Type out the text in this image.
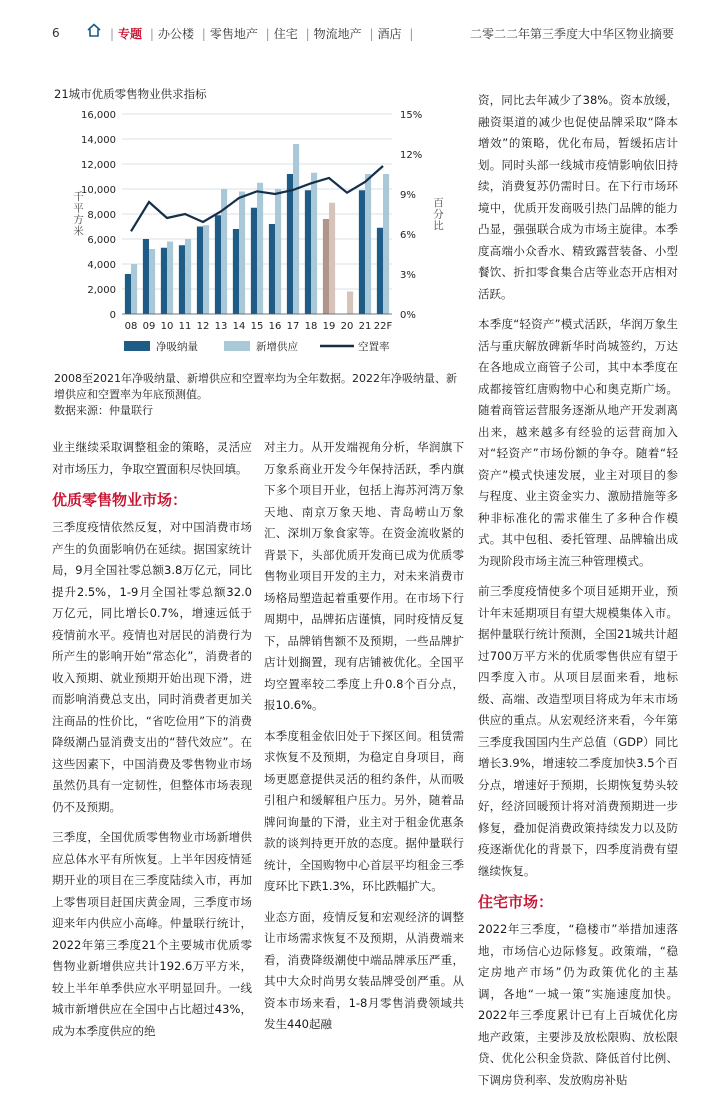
6	| 专题 | 办公楼 | 零售地产 | 住宅 | 物流地产 | 酒店 |	二零二二年第三季度大中华区物业摘要
21城市优质零售物业供求指标
0
2,000
4,000
6,000
8,000
10,000
12,000
14,000
16,000
0%
3%
6%
9%
12%
15%
千平方米	百分比
08 09 10 11 12 13 14 15 16 17 18 19 20 21 22F
净吸纳量	新增供应	空置率

2008至2021年净吸纳量、新增供应和空置率均为全年数据。2022年净吸纳量、新增供应和空置率为年底预测值。

数据来源：仲量联行

业主继续采取调整租金的策略，灵活应对市场压力，争取空置面积尽快回填。

优质零售物业市场：

三季度疫情依然反复，对中国消费市场产生的负面影响仍在延续。据国家统计局，9月全国社零总额3.8万亿元，同比提升2.5%，1-9月全国社零总额32.0万亿元，同比增长0.7%，增速远低于疫情前水平。疫情也对居民的消费行为所产生的影响开始“常态化”，消费者的收入预期、就业预期开始出现下滑，进而影响消费总支出，同时消费者更加关注商品的性价比，“省吃俭用”下的消费降级潮凸显消费支出的“替代效应”。在这些因素下，中国消费及零售物业市场虽然仍具有一定韧性，但整体市场表现仍不及预期。

三季度，全国优质零售物业市场新增供应总体水平有所恢复。上半年因疫情延期开业的项目在三季度陆续入市，再加上零售项目赶国庆黄金周，三季度市场迎来年内供应小高峰。仲量联行统计，2022年第三季度21个主要城市优质零售物业新增供应共计192.6万平方米，较上半年单季供应水平明显回升。一线城市新增供应在全国中占比超过43%，成为本季度供应的绝

对主力。从开发端视角分析，华润旗下万象系商业开发今年保持活跃，季内旗下多个项目开业，包括上海苏河湾万象天地、南京万象天地、青岛崂山万象汇、深圳万象食家等。在资金流收紧的背景下，头部优质开发商已成为优质零售物业项目开发的主力，对未来消费市场格局塑造起着重要作用。在市场下行周期中，品牌拓店谨慎，同时疫情反复下，品牌销售额不及预期，一些品牌扩店计划搁置，现有店铺被优化。全国平均空置率较二季度上升0.8个百分点，报10.6%。

本季度租金依旧处于下探区间。租赁需求恢复不及预期，为稳定自身项目，商场更愿意提供灵活的租约条件，从而吸引租户和缓解租户压力。另外，随着品牌问询量的下滑，业主对于租金优惠条款的谈判持更开放的态度。据仲量联行统计，全国购物中心首层平均租金三季度环比下跌1.3%，环比跌幅扩大。

业态方面，疫情反复和宏观经济的调整让市场需求恢复不及预期，从消费端来看，消费降级潮使中端品牌承压严重，其中大众时尚男女装品牌受创严重。从资本市场来看，1-8月零售消费领域共发生440起融

资，同比去年减少了38%。资本放缓，融资渠道的减少也促使品牌采取“降本增效”的策略，优化布局，暂缓拓店计划。同时头部一线城市疫情影响依旧持续，消费复苏仍需时日。在下行市场环境中，优质开发商吸引热门品牌的能力凸显，强强联合成为市场主旋律。本季度高端小众香水、精致露营装备、小型餐饮、折扣零食集合店等业态开店相对活跃。

本季度“轻资产”模式活跃，华润万象生活与重庆解放碑新华时尚城签约，万达在各地成立商管子公司，其中本季度在成都接管红唐购物中心和奥克斯广场。随着商管运营服务逐渐从地产开发剥离出来，越来越多有经验的运营商加入对“轻资产”市场份额的争夺。随着“轻资产”模式快速发展，业主对项目的参与程度、业主资金实力、激励措施等多种非标准化的需求催生了多种合作模式。其中包租、委托管理、品牌输出成为现阶段市场主流三种管理模式。

前三季度疫情使多个项目延期开业，预计年末延期项目有望大规模集体入市。据仲量联行统计预测，全国21城共计超过700万平方米的优质零售供应有望于四季度入市。从项目层面来看，地标级、高端、改造型项目将成为年末市场供应的重点。从宏观经济来看，今年第三季度我国国内生产总值（GDP）同比增长3.9%，增速较二季度加快3.5个百分点，增速好于预期，长期恢复势头较好，经济回暖预计将对消费预期进一步修复，叠加促消费政策持续发力以及防疫逐渐优化的背景下，四季度消费有望继续恢复。

住宅市场：

2022年三季度，“稳楼市”举措加速落地，市场信心边际修复。政策端，“稳定房地产市场”仍为政策优化的主基调，各地“一城一策”实施速度加快。2022年三季度累计已有上百城优化房地产政策，主要涉及放松限购、放松限贷、优化公积金贷款、降低首付比例、下调房贷利率、发放购房补贴
